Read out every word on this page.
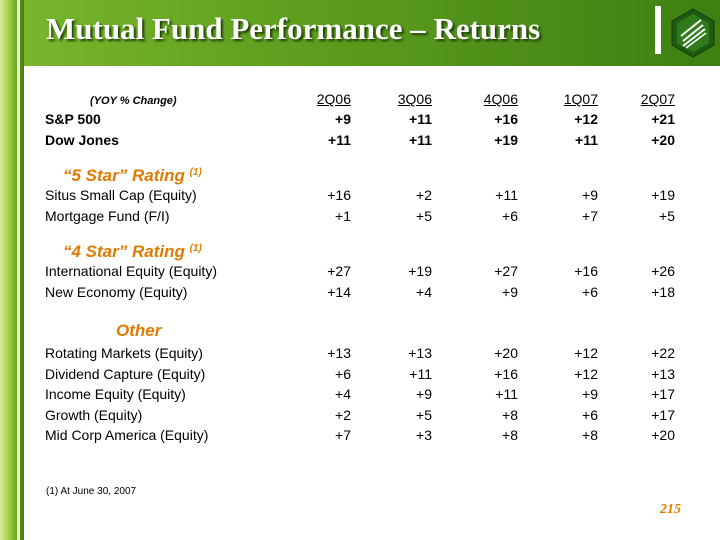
Mutual Fund Performance – Returns
(YOY % Change)	2Q06	3Q06	4Q06	1Q07	2Q07
S&P 500	+9	+11	+16	+12	+21
Dow Jones	+11	+11	+19	+11	+20
“5 Star” Rating $^{(1)}$
Situs Small Cap (Equity)	+16	+2	+11	+9	+19
Mortgage Fund (F/I)	+1	+5	+6	+7	+5
“4 Star” Rating $^{(1)}$
International Equity (Equity)	+27	+19	+27	+16	+26
New Economy (Equity)	+14	+4	+9	+6	+18
Other
Rotating Markets (Equity)	+13	+13	+20	+12	+22
Dividend Capture (Equity)	+6	+11	+16	+12	+13
Income Equity (Equity)	+4	+9	+11	+9	+17
Growth (Equity)	+2	+5	+8	+6	+17
Mid Corp America (Equity)	+7	+3	+8	+8	+20
(1) At June 30, 2007
215
